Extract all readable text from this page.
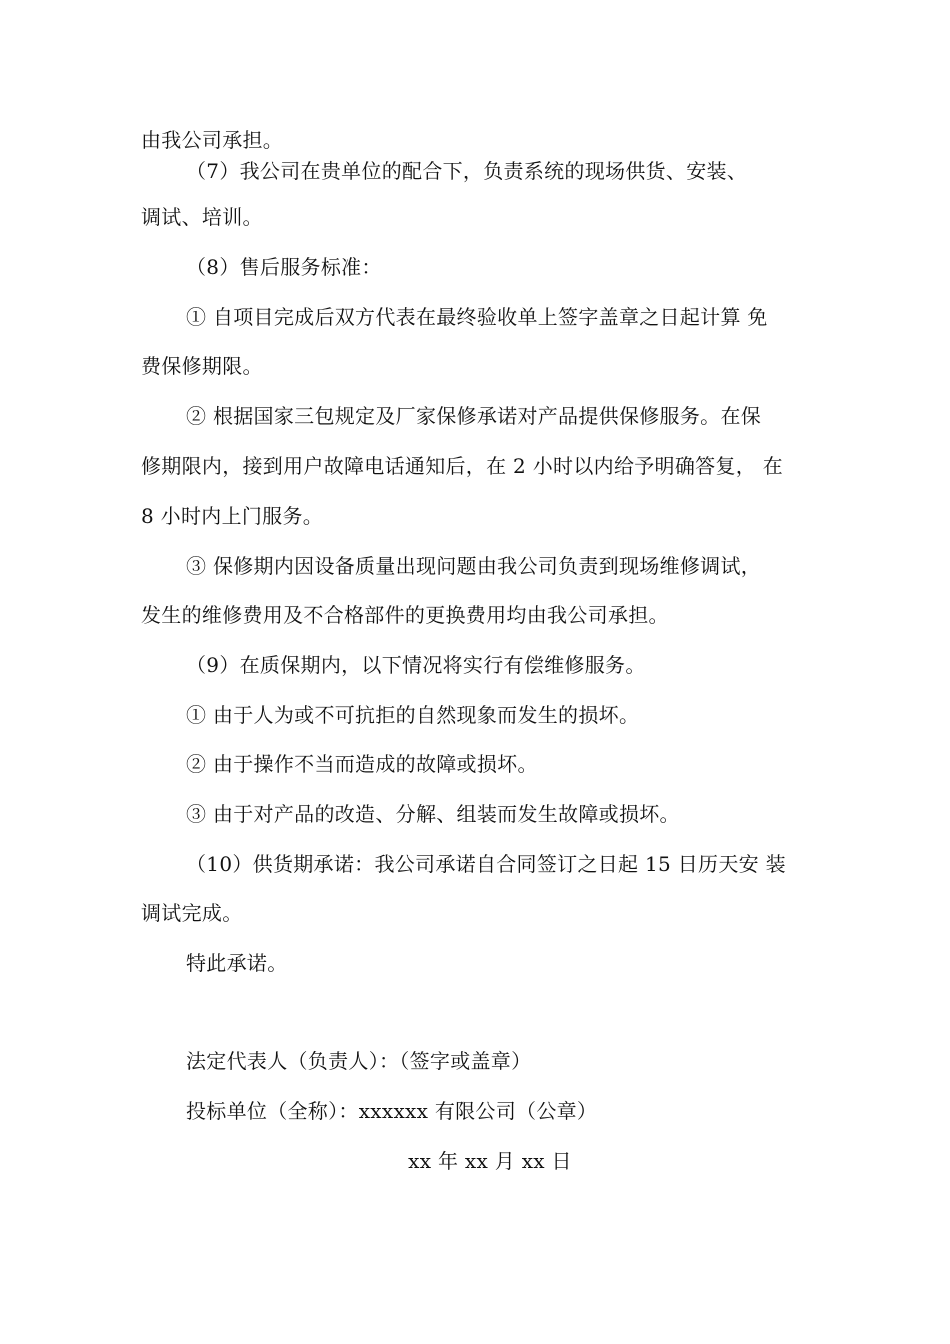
由我公司承担。
（7）我公司在贵单位的配合下，负责系统的现场供货、安装、
调试、培训。
（8）售后服务标准：
① 自项目完成后双方代表在最终验收单上签字盖章之日起计算 免
费保修期限。
② 根据国家三包规定及厂家保修承诺对产品提供保修服务。在保
修期限内，接到用户故障电话通知后，在 2 小时以内给予明确答复， 在
8 小时内上门服务。
③ 保修期内因设备质量出现问题由我公司负责到现场维修调试，
发生的维修费用及不合格部件的更换费用均由我公司承担。
（9）在质保期内，以下情况将实行有偿维修服务。
① 由于人为或不可抗拒的自然现象而发生的损坏。
② 由于操作不当而造成的故障或损坏。
③ 由于对产品的改造、分解、组装而发生故障或损坏。
（10）供货期承诺：我公司承诺自合同签订之日起 15 日历天安 装
调试完成。
特此承诺。
法定代表人（负责人）：（签字或盖章）
投标单位（全称）：xxxxxx 有限公司（公章）
xx 年 xx 月 xx 日
